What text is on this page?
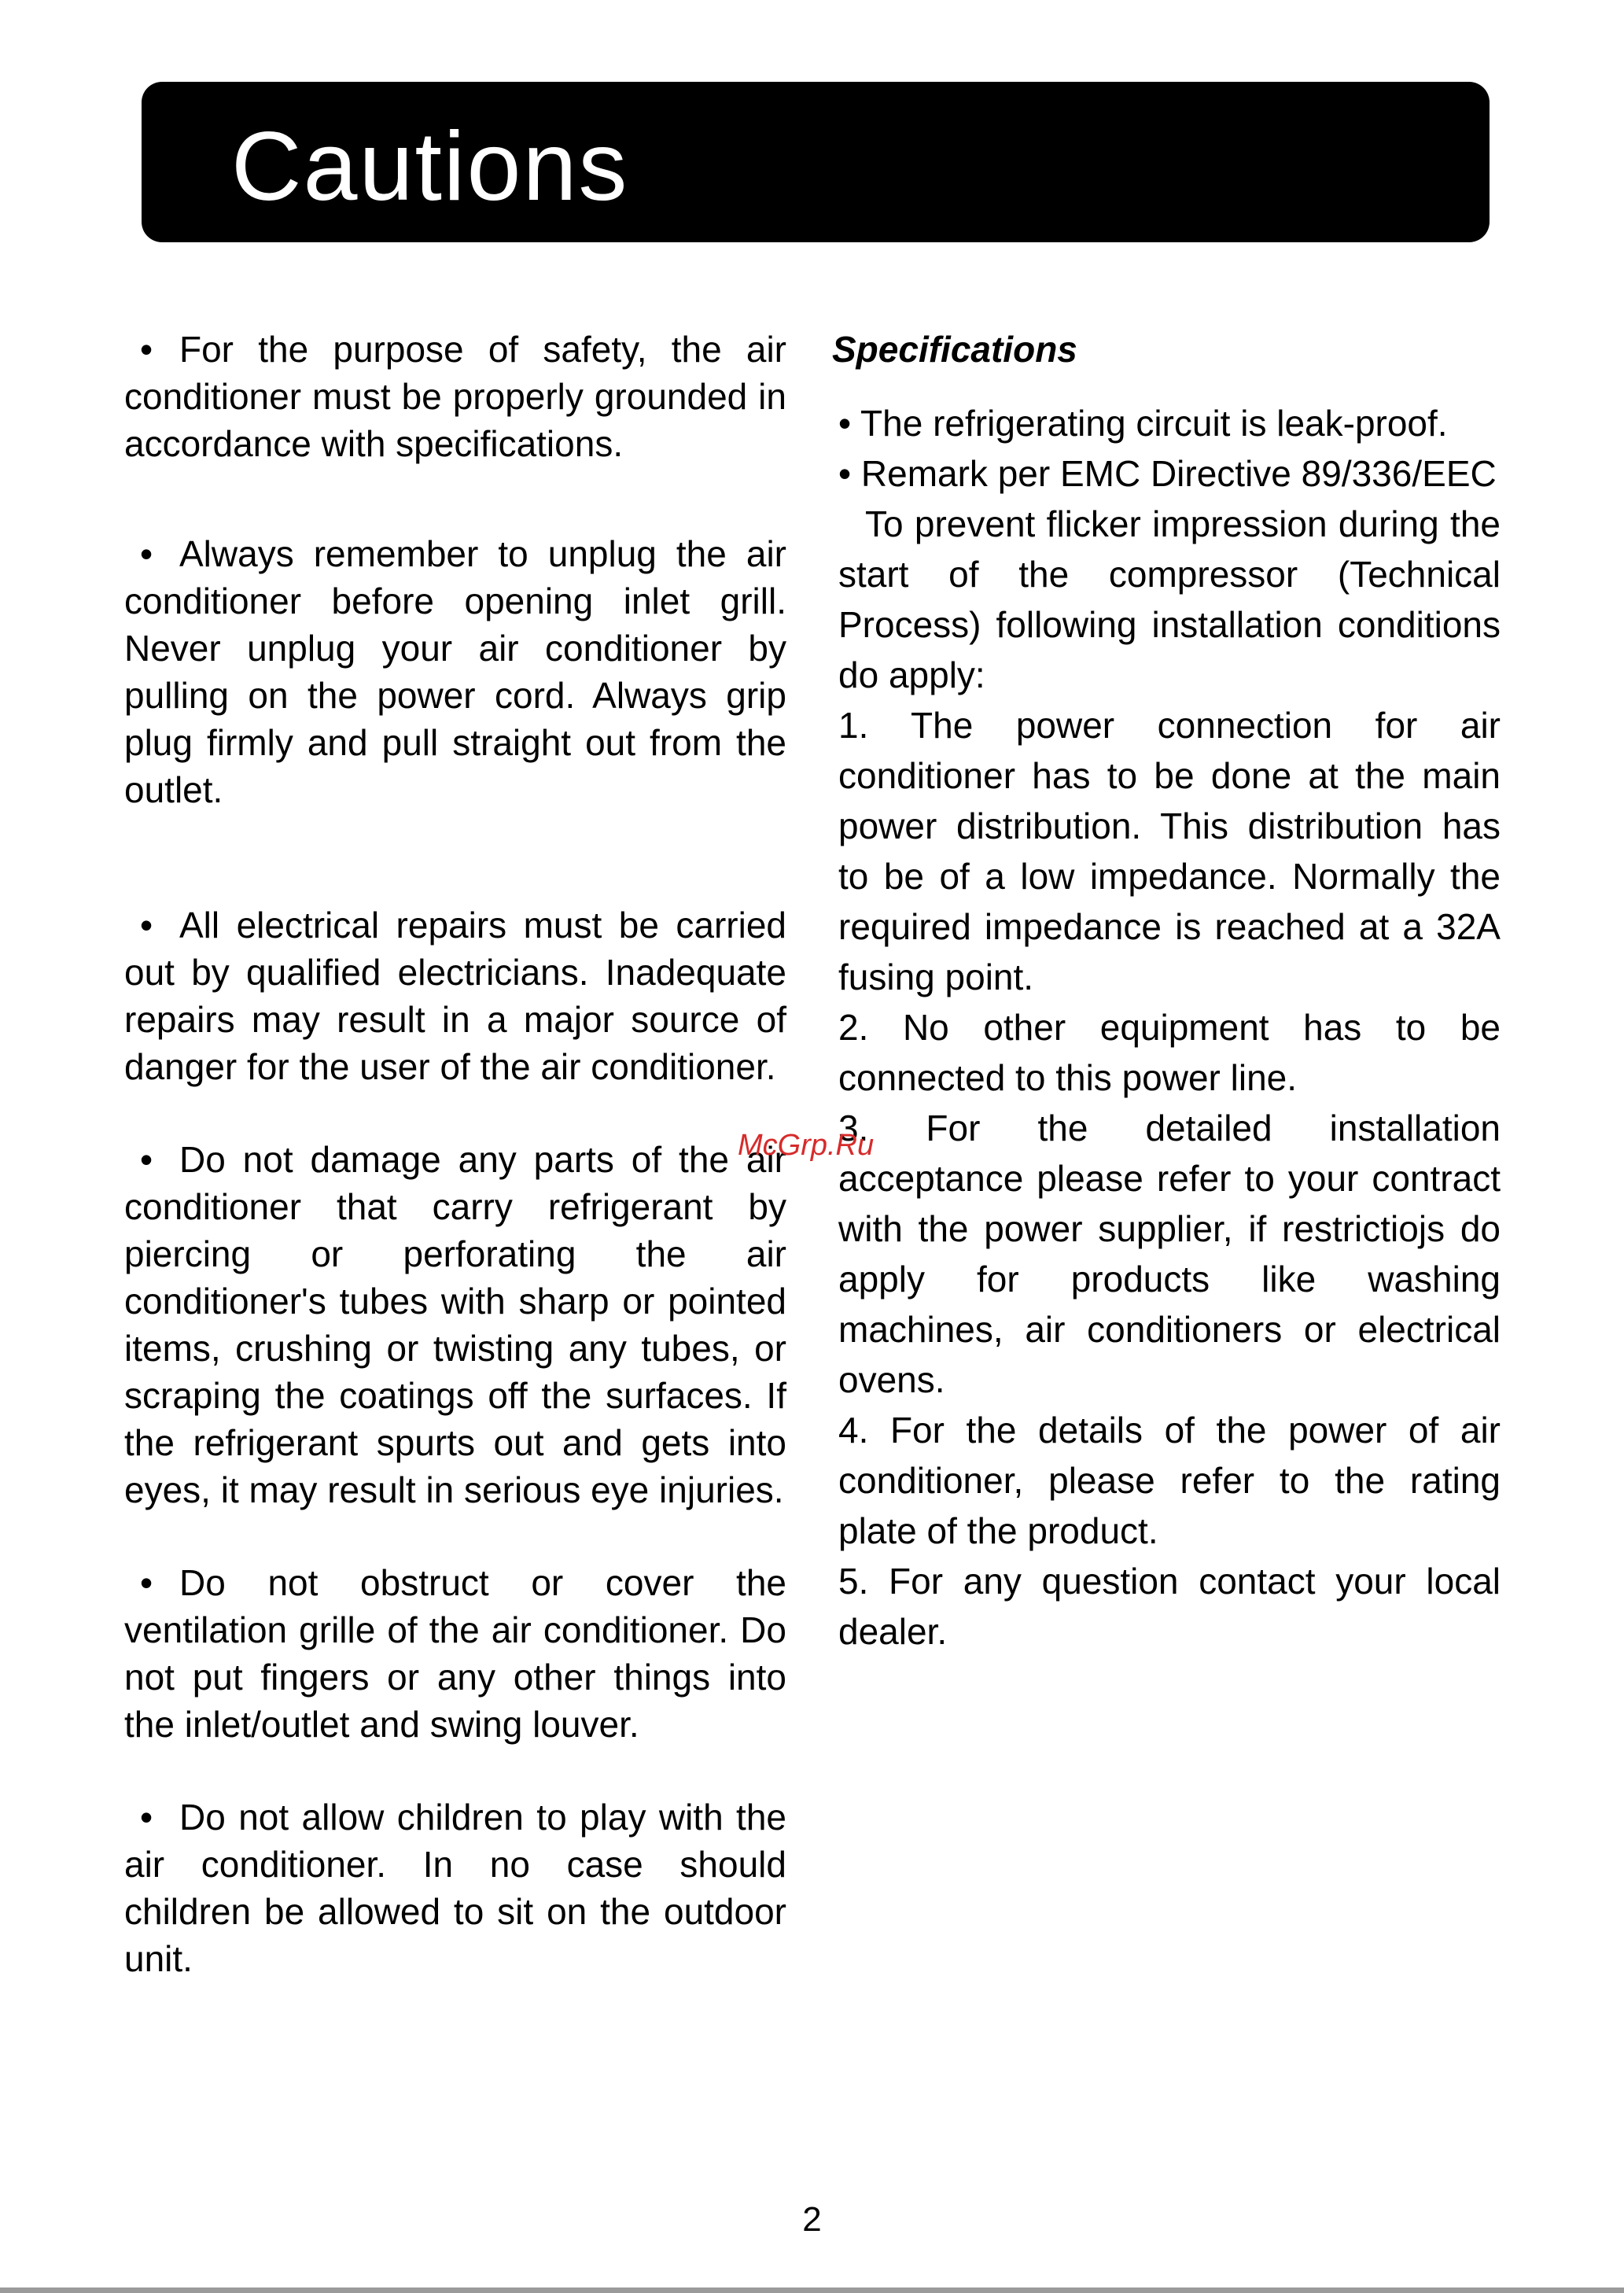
Cautions

• For the purpose of safety, the air conditioner must be properly grounded in accordance with specifications.

• Always remember to unplug the air conditioner before opening inlet grill. Never unplug your air conditioner by pulling on the power cord. Always grip plug firmly and pull straight out from the outlet.

• All electrical repairs must be carried out by qualified electricians. Inadequate repairs may result in a major source of danger for the user of the air conditioner.

• Do not damage any parts of the air conditioner that carry refrigerant by piercing or perforating the air conditioner's tubes with sharp or pointed items, crushing or twisting any tubes, or scraping the coatings off the surfaces. If the refrigerant spurts out and gets into eyes, it may result in serious eye injuries.

• Do not obstruct or cover the ventilation grille of the air conditioner. Do not put fingers or any other things into the inlet/outlet and swing louver.

• Do not allow children to play with the air conditioner. In no case should children be allowed to sit on the outdoor unit.

Specifications

• The refrigerating circuit is leak-proof.

• Remark per EMC Directive 89/336/EEC

To prevent flicker impression during the start of the compressor (Technical Process) following installation conditions do apply:

1. The power connection for air conditioner has to be done at the main power distribution. This distribution has to be of a low impedance. Normally the required impedance is reached at a 32A fusing point.

2. No other equipment has to be connected to this power line.

3. For the detailed installation acceptance please refer to your contract with the power supplier, if restrictiojs do apply for products like washing machines, air conditioners or electrical ovens.

4. For the details of the power of air conditioner, please refer to the rating plate of the product.

5. For any question contact your local dealer.

McGrp.Ru
2
